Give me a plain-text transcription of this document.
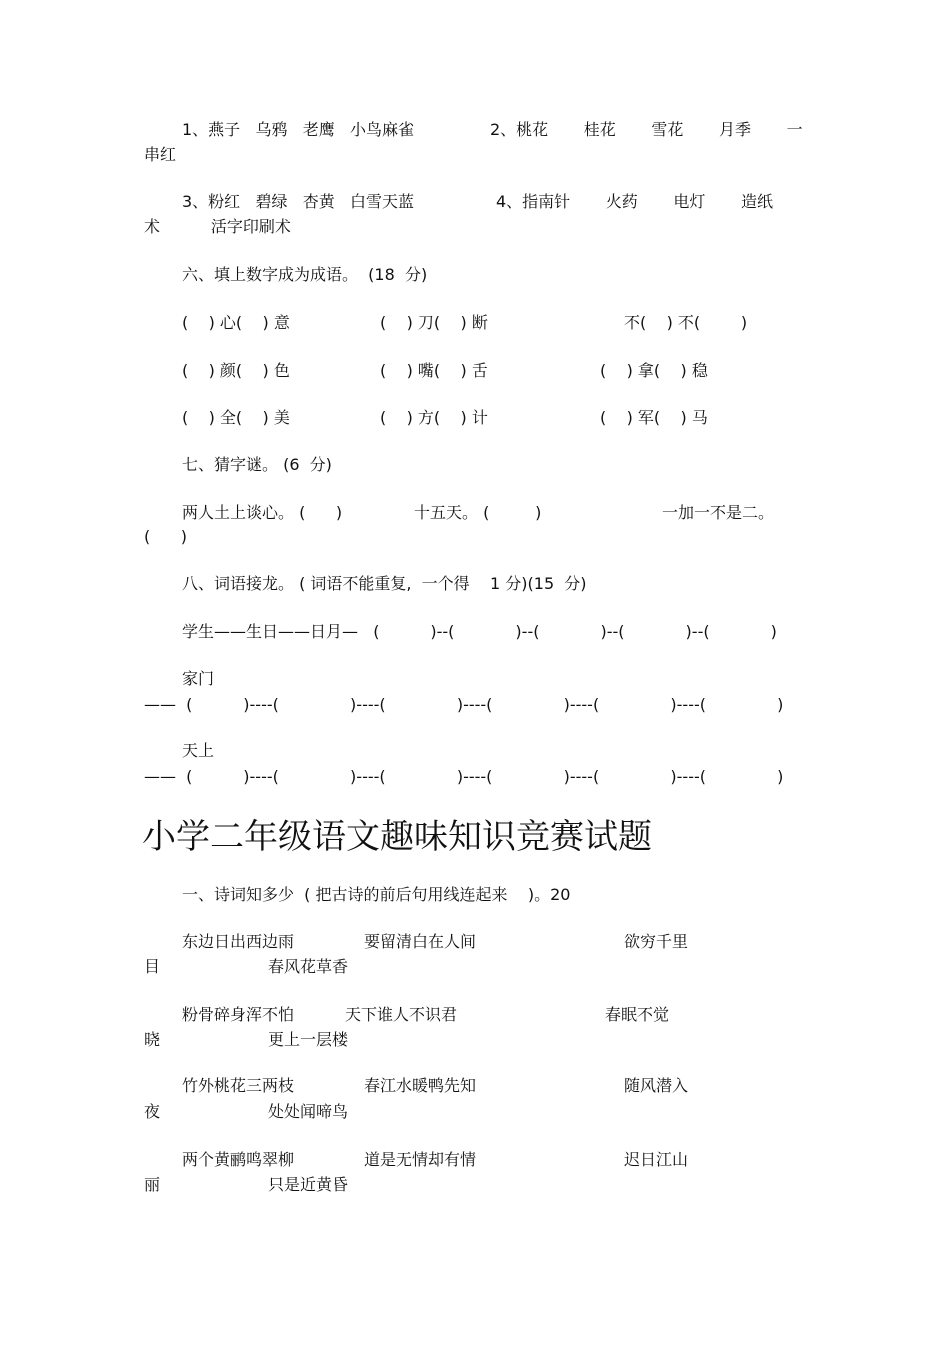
1、燕子   乌鸦   老鹰   小鸟麻雀	2、桃花       桂花       雪花       月季       一
串红
3、粉红   碧绿   杏黄   白雪天蓝	4、指南针       火药       电灯       造纸
术          活字印刷术
六、填上数字成为成语。  (18  分)
(    ) 心(    ) 意	(    ) 刀(    ) 断	不(    ) 不(        )
(    ) 颜(    ) 色	(    ) 嘴(    ) 舌	(    ) 拿(    ) 稳
(    ) 全(    ) 美	(    ) 方(    ) 计	(    ) 军(    ) 马
七、猜字谜。 (6  分)
两人土上谈心。 (      )	十五天。 (         )	一加一不是二。
(      )
八、词语接龙。 ( 词语不能重复,  一个得    1 分)(15  分)
学生——生日——日月—   (          )--(            )--(            )--(            )--(            )
家门
——  (          )----(              )----(              )----(              )----(              )----(              )
天上
——  (          )----(              )----(              )----(              )----(              )----(              )
小学二年级语文趣味知识竞赛试题
一、诗词知多少  ( 把古诗的前后句用线连起来    )。20
东边日出西边雨	要留清白在人间	欲穷千里
目	春风花草香
粉骨碎身浑不怕	天下谁人不识君	春眠不觉
晓	更上一层楼
竹外桃花三两枝	春江水暖鸭先知	随风潜入
夜	处处闻啼鸟
两个黄鹂鸣翠柳	道是无情却有情	迟日江山
丽	只是近黄昏
